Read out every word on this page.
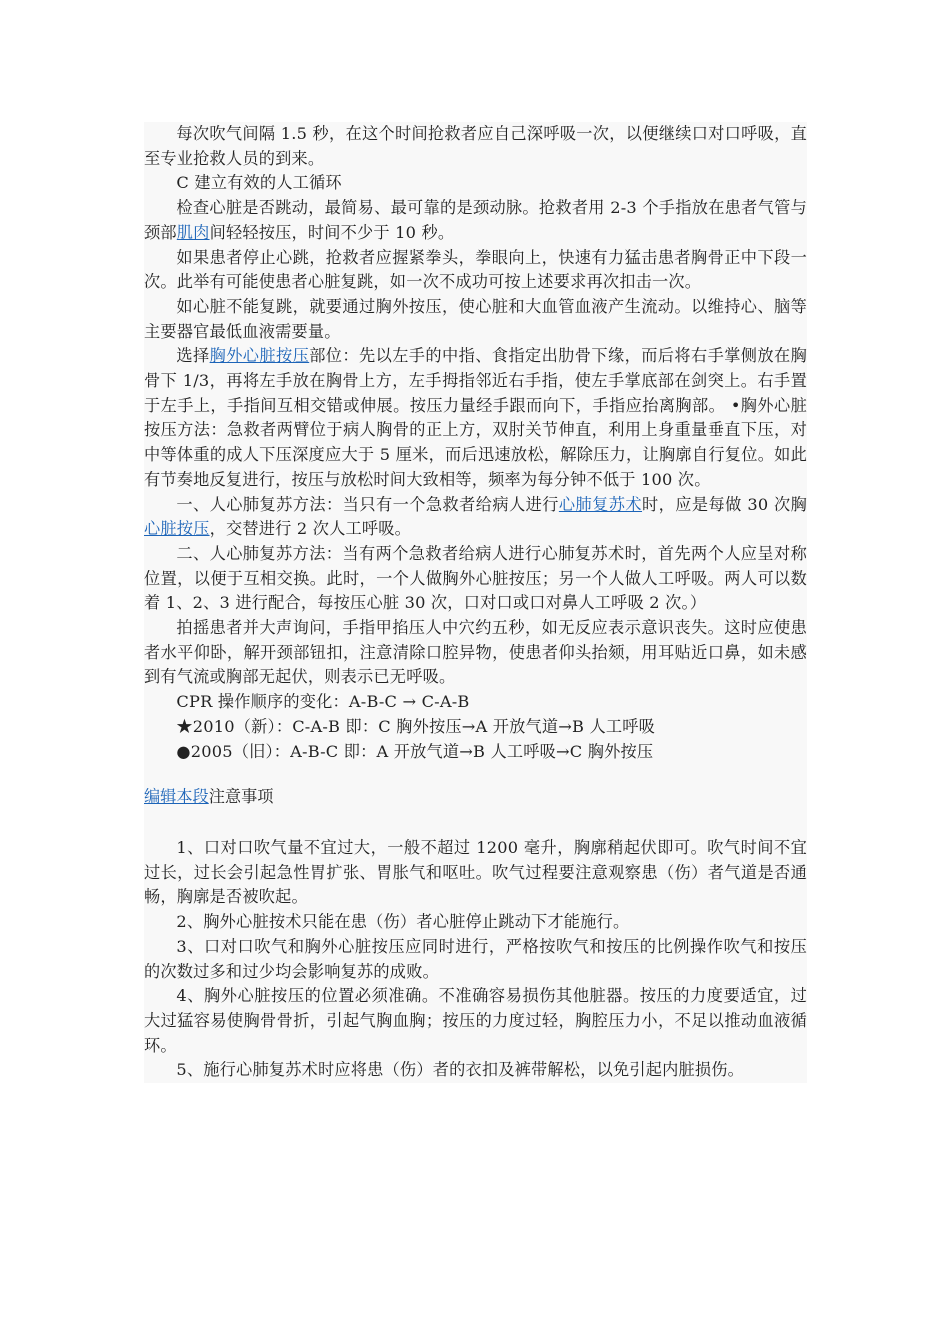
每次吹气间隔 1.5 秒，在这个时间抢救者应自己深呼吸一次，以便继续口对口呼吸，直至专业抢救人员的到来。

C 建立有效的人工循环

检查心脏是否跳动，最简易、最可靠的是颈动脉。抢救者用 2-3 个手指放在患者气管与颈部肌肉间轻轻按压，时间不少于 10 秒。

如果患者停止心跳，抢救者应握紧拳头，拳眼向上，快速有力猛击患者胸骨正中下段一次。此举有可能使患者心脏复跳，如一次不成功可按上述要求再次扣击一次。

如心脏不能复跳，就要通过胸外按压，使心脏和大血管血液产生流动。以维持心、脑等主要器官最低血液需要量。

选择胸外心脏按压部位：先以左手的中指、食指定出肋骨下缘，而后将右手掌侧放在胸骨下 1/3，再将左手放在胸骨上方，左手拇指邻近右手指，使左手掌底部在剑突上。右手置于左手上，手指间互相交错或伸展。按压力量经手跟而向下，手指应抬离胸部。 •胸外心脏按压方法：急救者两臂位于病人胸骨的正上方，双肘关节伸直，利用上身重量垂直下压，对中等体重的成人下压深度应大于 5 厘米，而后迅速放松，解除压力，让胸廓自行复位。如此有节奏地反复进行，按压与放松时间大致相等，频率为每分钟不低于 100 次。

一、人心肺复苏方法：当只有一个急救者给病人进行心肺复苏术时，应是每做 30 次胸心脏按压，交替进行 2 次人工呼吸。

二、人心肺复苏方法：当有两个急救者给病人进行心肺复苏术时，首先两个人应呈对称位置，以便于互相交换。此时，一个人做胸外心脏按压；另一个人做人工呼吸。两人可以数着 1、2、3 进行配合，每按压心脏 30 次，口对口或口对鼻人工呼吸 2 次。）

拍摇患者并大声询问，手指甲掐压人中穴约五秒，如无反应表示意识丧失。这时应使患者水平仰卧，解开颈部钮扣，注意清除口腔异物，使患者仰头抬颏，用耳贴近口鼻，如未感到有气流或胸部无起伏，则表示已无呼吸。

CPR 操作顺序的变化：A-B-C → C-A-B

★2010（新）：C-A-B 即：C 胸外按压→A 开放气道→B 人工呼吸

●2005（旧）：A-B-C 即：A 开放气道→B 人工呼吸→C 胸外按压

编辑本段注意事项

1、口对口吹气量不宜过大，一般不超过 1200 毫升，胸廓稍起伏即可。吹气时间不宜过长，过长会引起急性胃扩张、胃胀气和呕吐。吹气过程要注意观察患（伤）者气道是否通畅，胸廓是否被吹起。

2、胸外心脏按术只能在患（伤）者心脏停止跳动下才能施行。

3、口对口吹气和胸外心脏按压应同时进行，严格按吹气和按压的比例操作吹气和按压的次数过多和过少均会影响复苏的成败。

4、胸外心脏按压的位置必须准确。不准确容易损伤其他脏器。按压的力度要适宜，过大过猛容易使胸骨骨折，引起气胸血胸；按压的力度过轻，胸腔压力小，不足以推动血液循环。

5、施行心肺复苏术时应将患（伤）者的衣扣及裤带解松，以免引起内脏损伤。
